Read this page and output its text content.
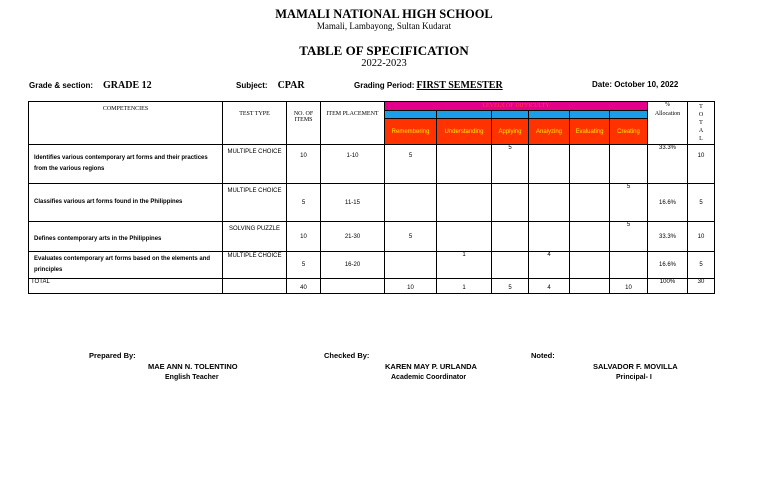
MAMALI NATIONAL HIGH SCHOOL
Mamali, Lambayong, Sultan Kudarat
TABLE OF SPECIFICATION
2022-2023
Grade & section: GRADE 12	Subject: CPAR	Grading Period: FIRST SEMESTER	Date: October 10, 2022
COMPETENCIES	TEST TYPE	NO. OF ITEMS	ITEM PLACEMENT	LEVELS OF DIFFICULTY						%
Allocation	T O T A L

				Remembering	Understanding	Applying	Analyzing	Evaluating	Creating		
Identifies various contemporary art forms and their practices from the various regions	MULTIPLE CHOICE	10	1-10	5		5				33.3%	10
Classifies various art forms found in the Philippines	MULTIPLE CHOICE	5	11-15						5	16.6%	5
Defines contemporary arts in the Philippines	SOLVING PUZZLE	10	21-30	5					5	33.3%	10
Evaluates contemporary art forms based on the elements and principles	MULTIPLE CHOICE	5	16-20		1		4			16.6%	5
TOTAL		40		10	1	5	4		10	100%	30
Prepared By:
MAE ANN N. TOLENTINO
English Teacher
Checked By:
KAREN MAY P. URLANDA
Academic Coordinator
Noted:
SALVADOR F. MOVILLA
Principal- I
